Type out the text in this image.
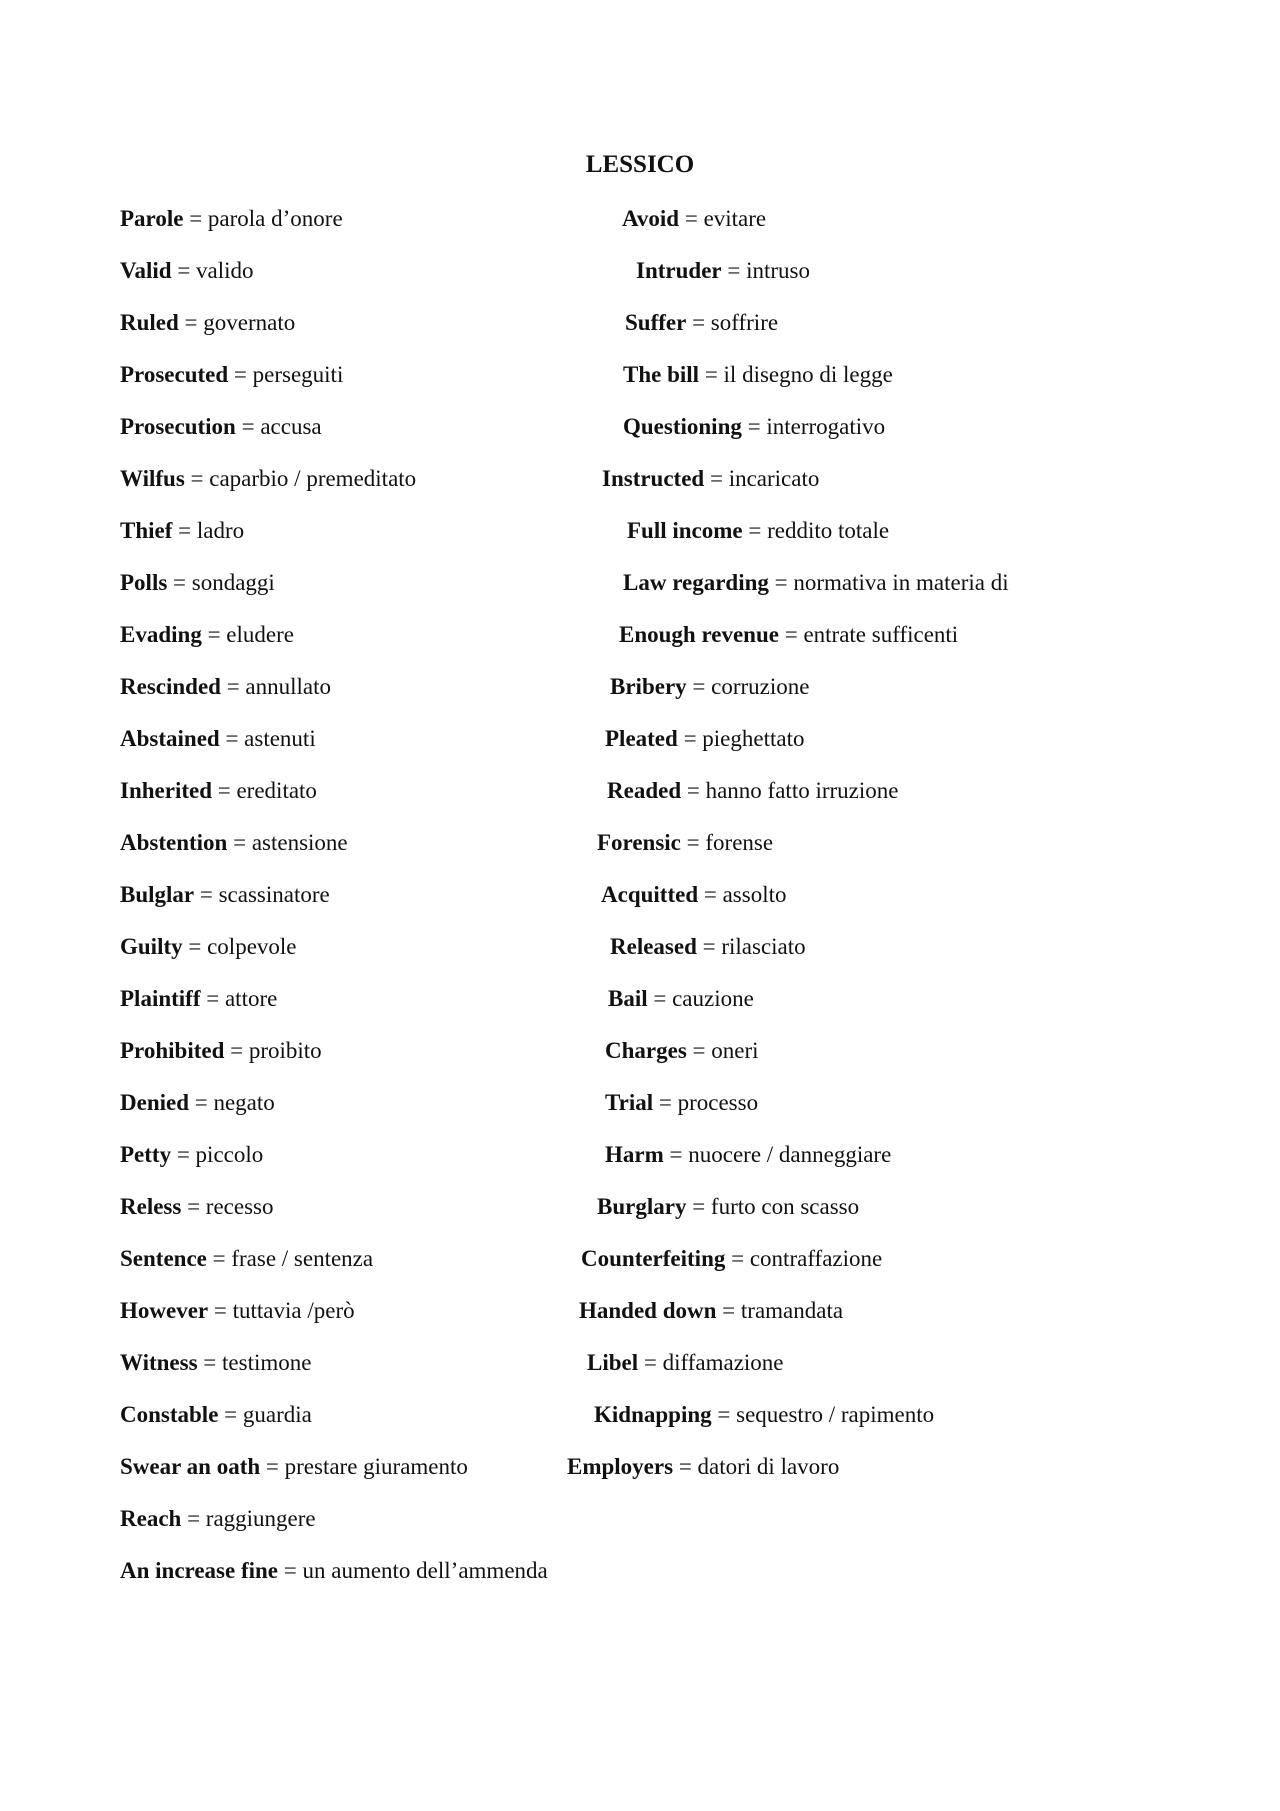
LESSICO
Parole = parola d’onore	Avoid = evitare
Valid = valido	Intruder = intruso
Ruled = governato	Suffer = soffrire
Prosecuted = perseguiti	The bill = il disegno di legge
Prosecution = accusa	Questioning = interrogativo
Wilfus = caparbio / premeditato	Instructed = incaricato
Thief = ladro	Full income = reddito totale
Polls = sondaggi	Law regarding = normativa in materia di
Evading = eludere	Enough revenue = entrate sufficenti
Rescinded = annullato	Bribery = corruzione
Abstained = astenuti	Pleated = pieghettato
Inherited = ereditato	Readed = hanno fatto irruzione
Abstention = astensione	Forensic = forense
Bulglar = scassinatore	Acquitted = assolto
Guilty = colpevole	Released = rilasciato
Plaintiff = attore	Bail = cauzione
Prohibited = proibito	Charges = oneri
Denied = negato	Trial = processo
Petty = piccolo	Harm = nuocere / danneggiare
Reless = recesso	Burglary = furto con scasso
Sentence = frase / sentenza	Counterfeiting = contraffazione
However = tuttavia /però	Handed down = tramandata
Witness = testimone	Libel = diffamazione
Constable = guardia	Kidnapping = sequestro / rapimento
Swear an oath = prestare giuramento	Employers = datori di lavoro
Reach = raggiungere
An increase fine = un aumento dell’ammenda
